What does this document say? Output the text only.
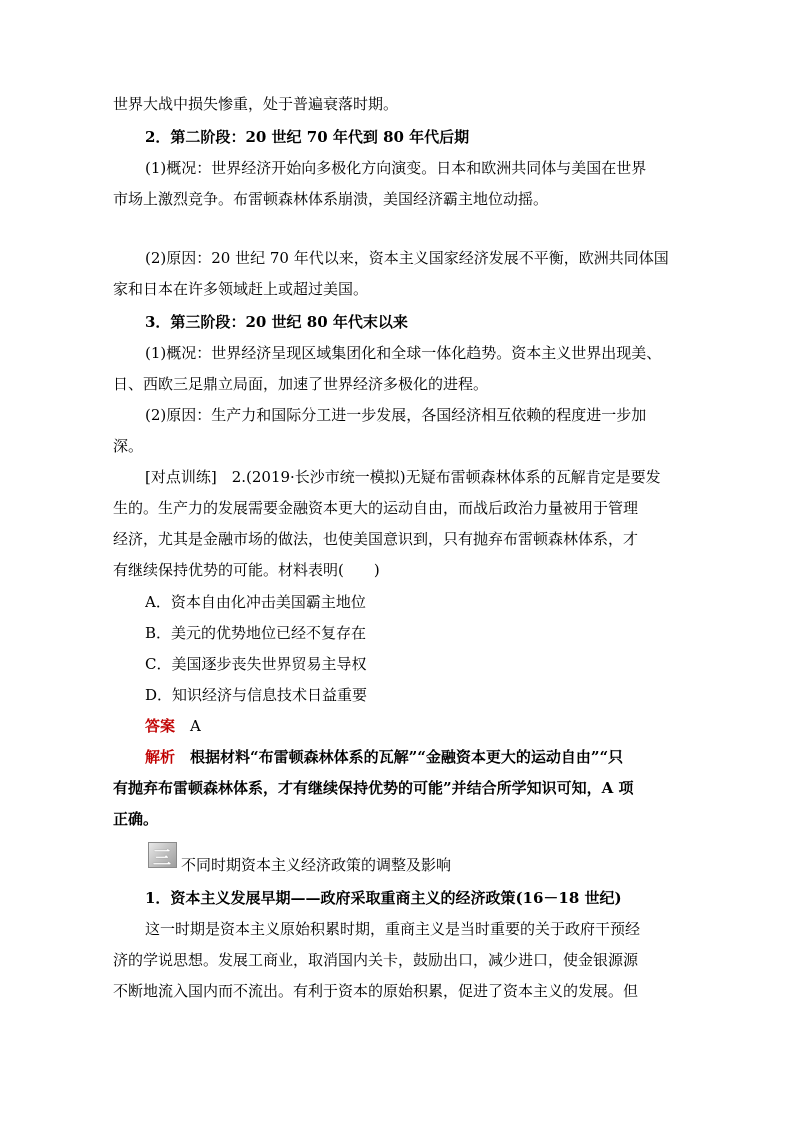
世界大战中损失惨重，处于普遍衰落时期。
2．第二阶段：20 世纪 70 年代到 80 年代后期
(1)概况：世界经济开始向多极化方向演变。日本和欧洲共同体与美国在世界
市场上激烈竞争。布雷顿森林体系崩溃，美国经济霸主地位动摇。
(2)原因：20 世纪 70 年代以来，资本主义国家经济发展不平衡，欧洲共同体国
家和日本在许多领域赶上或超过美国。
3．第三阶段：20 世纪 80 年代末以来
(1)概况：世界经济呈现区域集团化和全球一体化趋势。资本主义世界出现美、
日、西欧三足鼎立局面，加速了世界经济多极化的进程。
(2)原因：生产力和国际分工进一步发展，各国经济相互依赖的程度进一步加
深。
[对点训练]　2.(2019·长沙市统一模拟)无疑布雷顿森林体系的瓦解肯定是要发
生的。生产力的发展需要金融资本更大的运动自由，而战后政治力量被用于管理
经济，尤其是金融市场的做法，也使美国意识到，只有抛弃布雷顿森林体系，才
有继续保持优势的可能。材料表明(　　)
A．资本自由化冲击美国霸主地位
B．美元的优势地位已经不复存在
C．美国逐步丧失世界贸易主导权
D．知识经济与信息技术日益重要
答案　 A
解析　 根据材料“布雷顿森林体系的瓦解”“金融资本更大的运动自由”“只
有抛弃布雷顿森林体系，才有继续保持优势的可能”并结合所学知识可知，A 项
正确。
三 不同时期资本主义经济政策的调整及影响
1．资本主义发展早期——政府采取重商主义的经济政策(16－18 世纪)
这一时期是资本主义原始积累时期，重商主义是当时重要的关于政府干预经
济的学说思想。发展工商业，取消国内关卡，鼓励出口，减少进口，使金银源源
不断地流入国内而不流出。有利于资本的原始积累，促进了资本主义的发展。但
